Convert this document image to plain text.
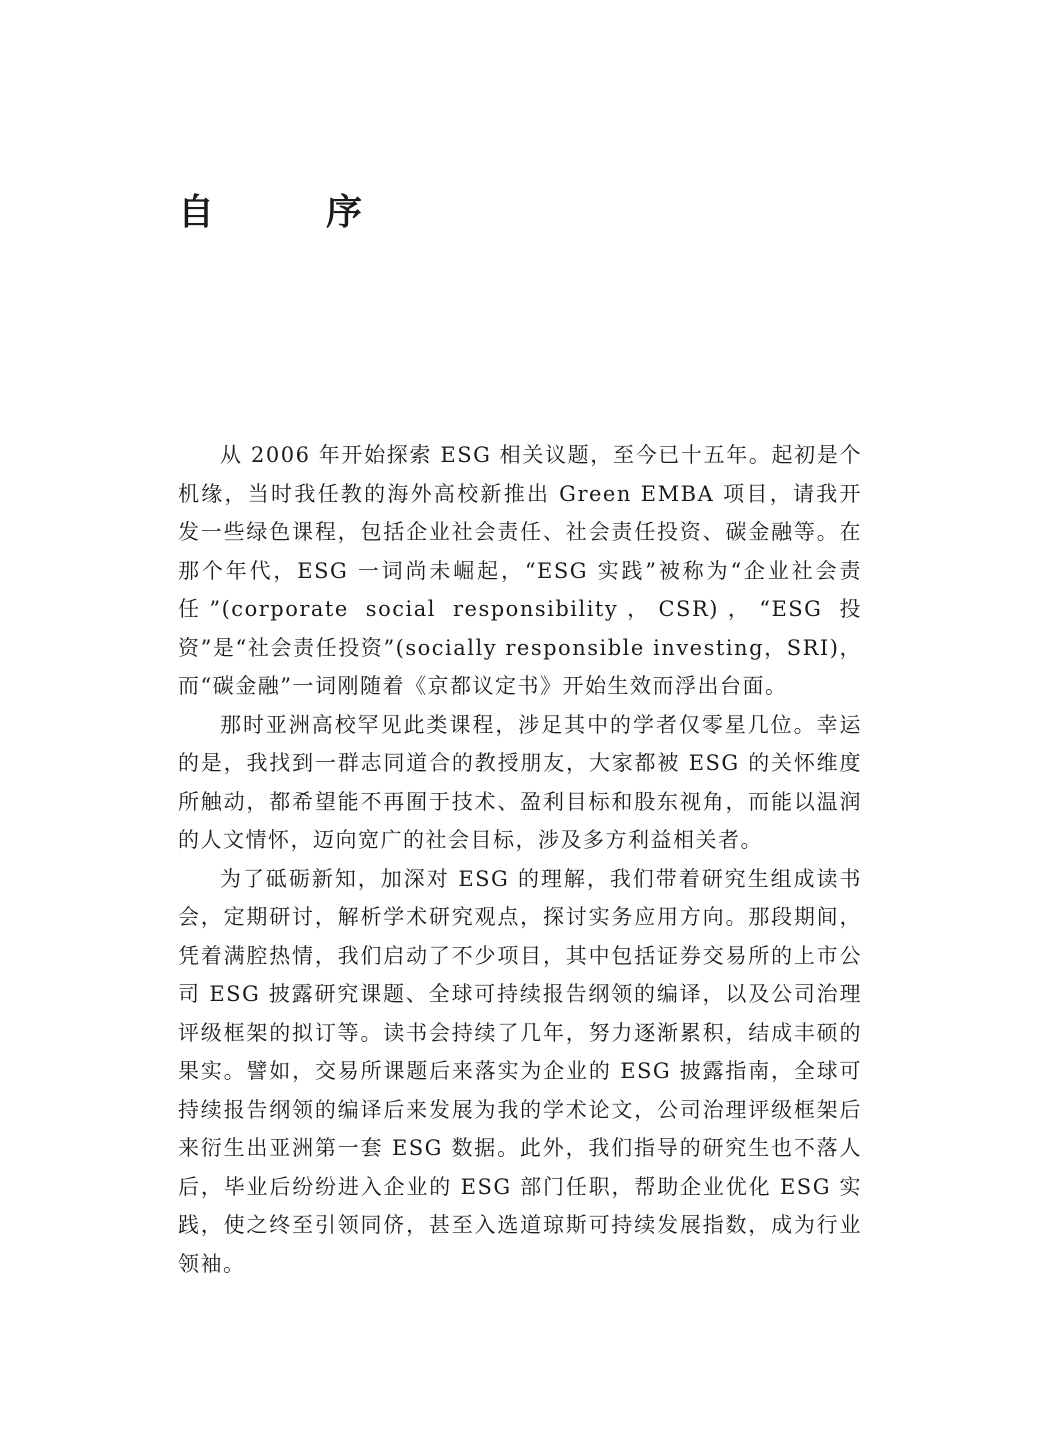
自　序

从 2006 年开始探索 ESG 相关议题，至今已十五年。起初是个机缘，当时我任教的海外高校新推出 Green EMBA 项目，请我开发一些绿色课程，包括企业社会责任、社会责任投资、碳金融等。在那个年代，ESG 一词尚未崛起，“ESG 实践”被称为“企业社会责任”(corporate social responsibility，CSR)，“ESG 投资”是“社会责任投资”(socially responsible investing，SRI)，而“碳金融”一词刚随着《京都议定书》开始生效而浮出台面。

那时亚洲高校罕见此类课程，涉足其中的学者仅零星几位。幸运的是，我找到一群志同道合的教授朋友，大家都被 ESG 的关怀维度所触动，都希望能不再囿于技术、盈利目标和股东视角，而能以温润的人文情怀，迈向宽广的社会目标，涉及多方利益相关者。

为了砥砺新知，加深对 ESG 的理解，我们带着研究生组成读书会，定期研讨，解析学术研究观点，探讨实务应用方向。那段期间，凭着满腔热情，我们启动了不少项目，其中包括证券交易所的上市公司 ESG 披露研究课题、全球可持续报告纲领的编译，以及公司治理评级框架的拟订等。读书会持续了几年，努力逐渐累积，结成丰硕的果实。譬如，交易所课题后来落实为企业的 ESG 披露指南，全球可持续报告纲领的编译后来发展为我的学术论文，公司治理评级框架后来衍生出亚洲第一套 ESG 数据。此外，我们指导的研究生也不落人后，毕业后纷纷进入企业的 ESG 部门任职，帮助企业优化 ESG 实践，使之终至引领同侪，甚至入选道琼斯可持续发展指数，成为行业领袖。
